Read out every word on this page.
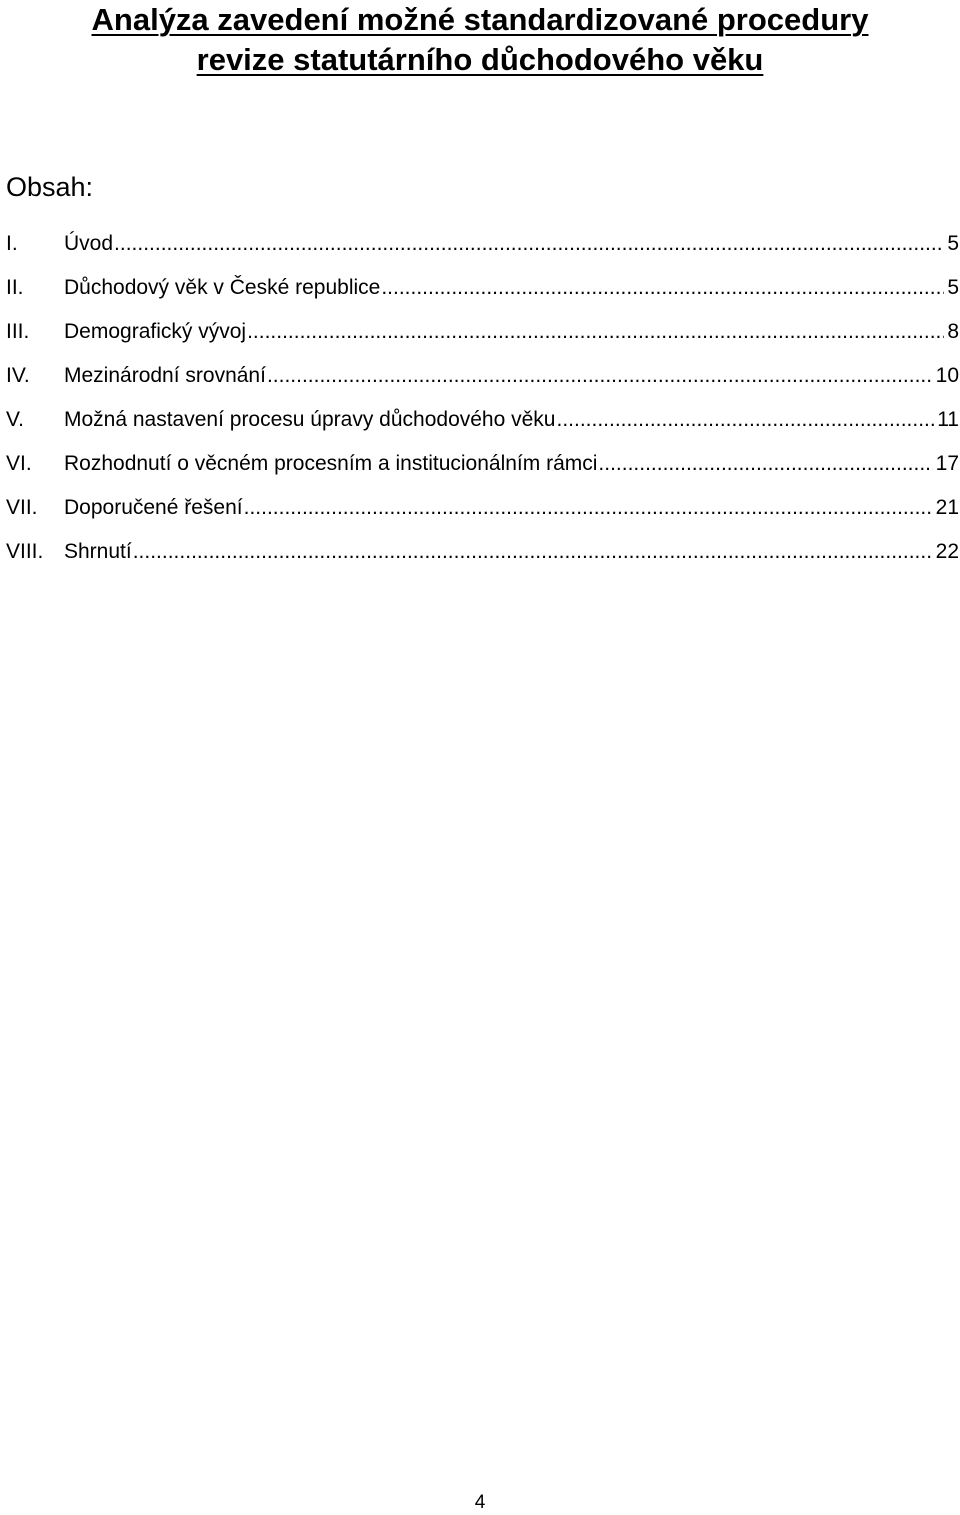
Analýza zavedení možné standardizované procedury
revize statutárního důchodového věku
Obsah:
I.	Úvod .....	5
II.	Důchodový věk v České republice .....	5
III.	Demografický vývoj .....	8
IV.	Mezinárodní srovnání .....	10
V.	Možná nastavení procesu úpravy důchodového věku .....	11
VI.	Rozhodnutí o věcném procesním a institucionálním rámci .....	17
VII.	Doporučené řešení .....	21
VIII. Shrnutí .....	22
4
